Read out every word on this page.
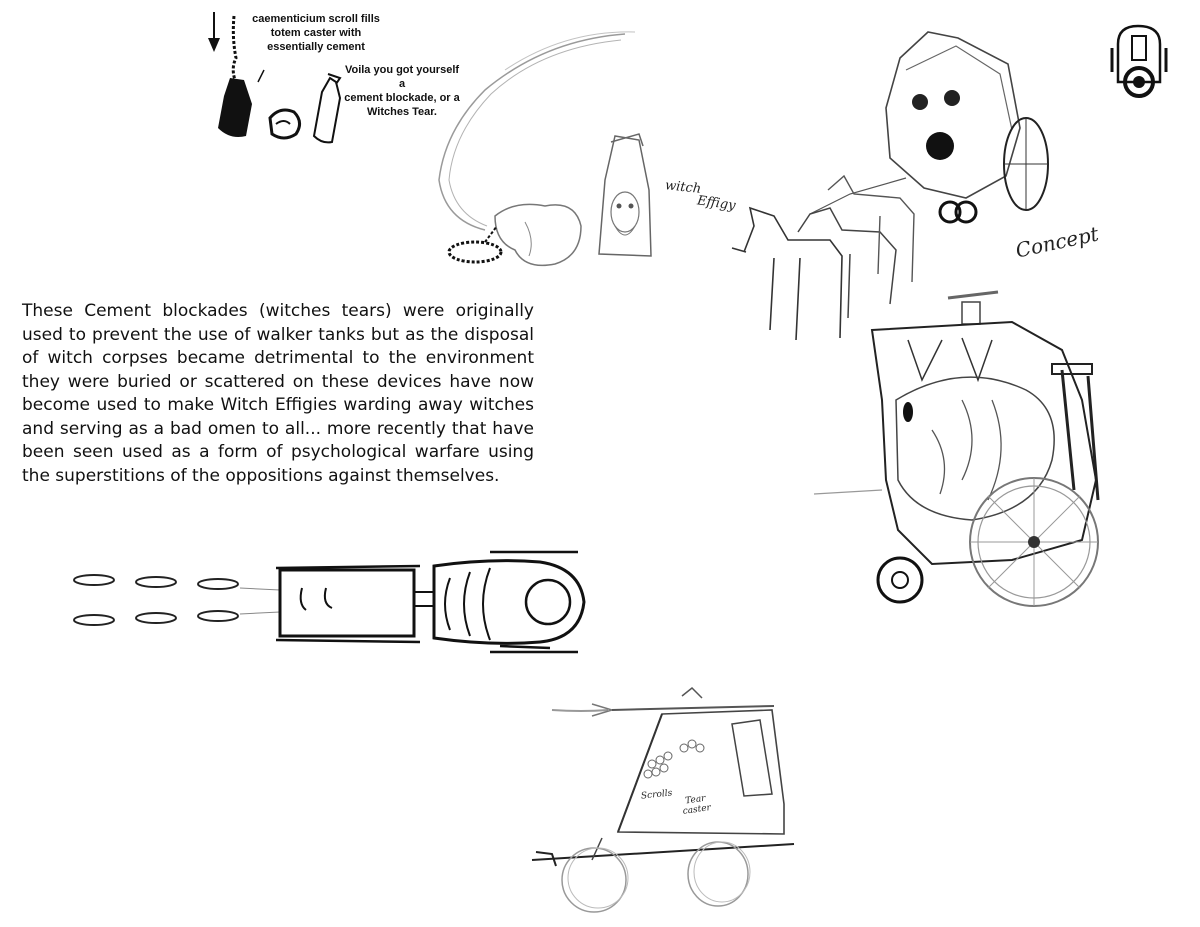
caementicium scroll fills
totem caster with
essentially cement
Voila you got yourself a
cement blockade, or a
Witches Tear.
witch
Effigy
Concept

These Cement blockades (witches tears) were originally used to prevent the use of walker tanks but as the disposal of witch corpses became detrimental to the environment they were buried or scattered on these devices have now become used to make Witch Effigies warding away witches and serving as a bad omen to all... more recently that have been seen used as a form of psychological warfare using the superstitions of the oppositions against themselves.

Scrolls	Tear
caster
